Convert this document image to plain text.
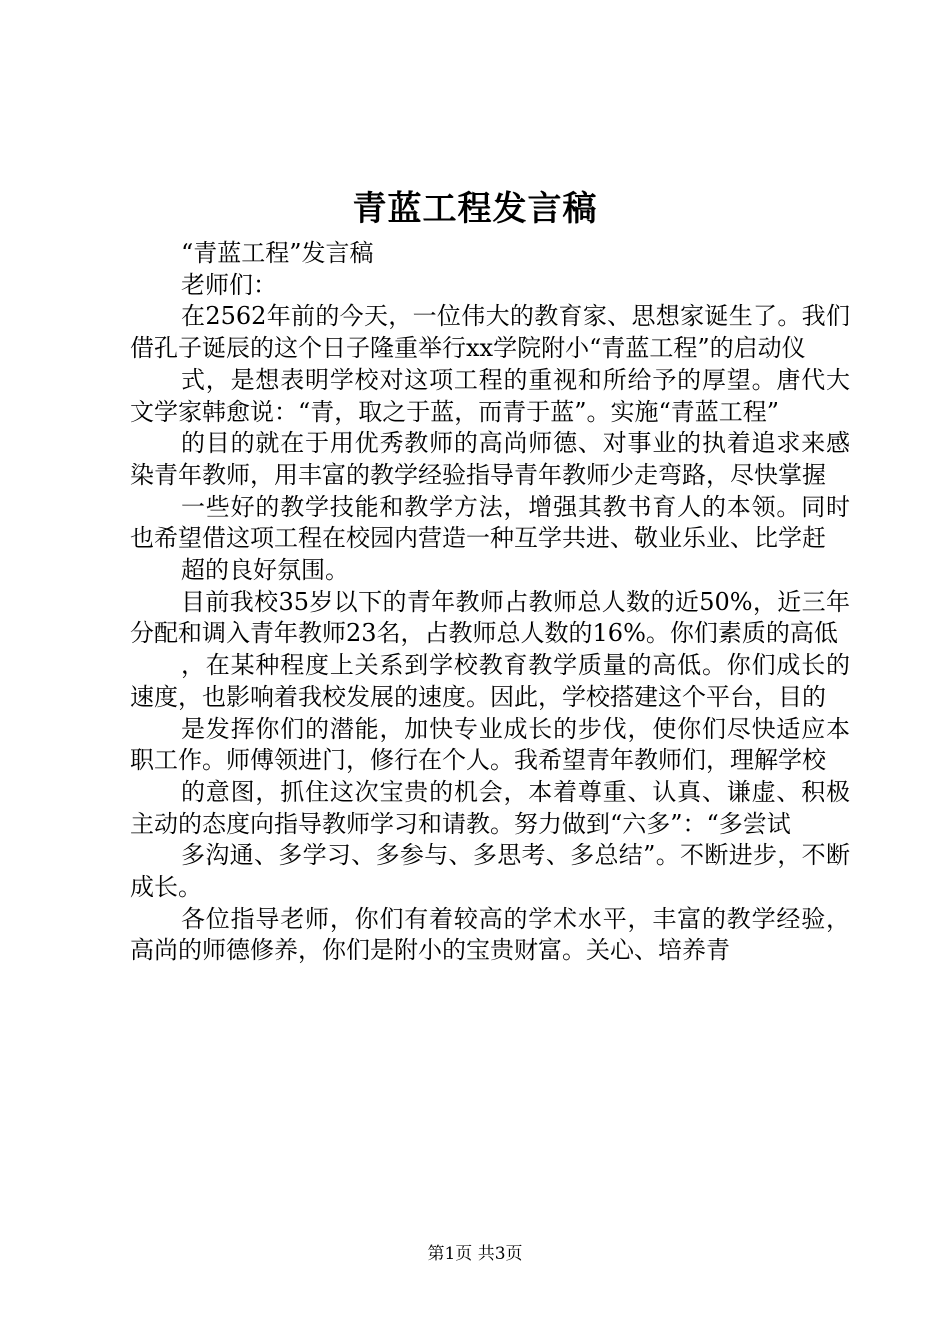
青蓝工程发言稿

“青蓝工程”发言稿

老师们：

在2562年前的今天，一位伟大的教育家、思想家诞生了。我们借孔子诞辰的这个日子隆重举行xx学院附小“青蓝工程”的启动仪

式，是想表明学校对这项工程的重视和所给予的厚望。唐代大文学家韩愈说：“青，取之于蓝，而青于蓝”。实施“青蓝工程”

的目的就在于用优秀教师的高尚师德、对事业的执着追求来感染青年教师，用丰富的教学经验指导青年教师少走弯路，尽快掌握

一些好的教学技能和教学方法，增强其教书育人的本领。同时也希望借这项工程在校园内营造一种互学共进、敬业乐业、比学赶

超的良好氛围。

目前我校35岁以下的青年教师占教师总人数的近50%，近三年分配和调入青年教师23名，占教师总人数的16%。你们素质的高低

，在某种程度上关系到学校教育教学质量的高低。你们成长的速度，也影响着我校发展的速度。因此，学校搭建这个平台，目的

是发挥你们的潜能，加快专业成长的步伐，使你们尽快适应本职工作。师傅领进门，修行在个人。我希望青年教师们，理解学校

的意图，抓住这次宝贵的机会，本着尊重、认真、谦虚、积极主动的态度向指导教师学习和请教。努力做到“六多”：“多尝试

多沟通、多学习、多参与、多思考、多总结”。不断进步，不断成长。

各位指导老师，你们有着较高的学术水平，丰富的教学经验，高尚的师德修养，你们是附小的宝贵财富。关心、培养青

第1页 共3页
